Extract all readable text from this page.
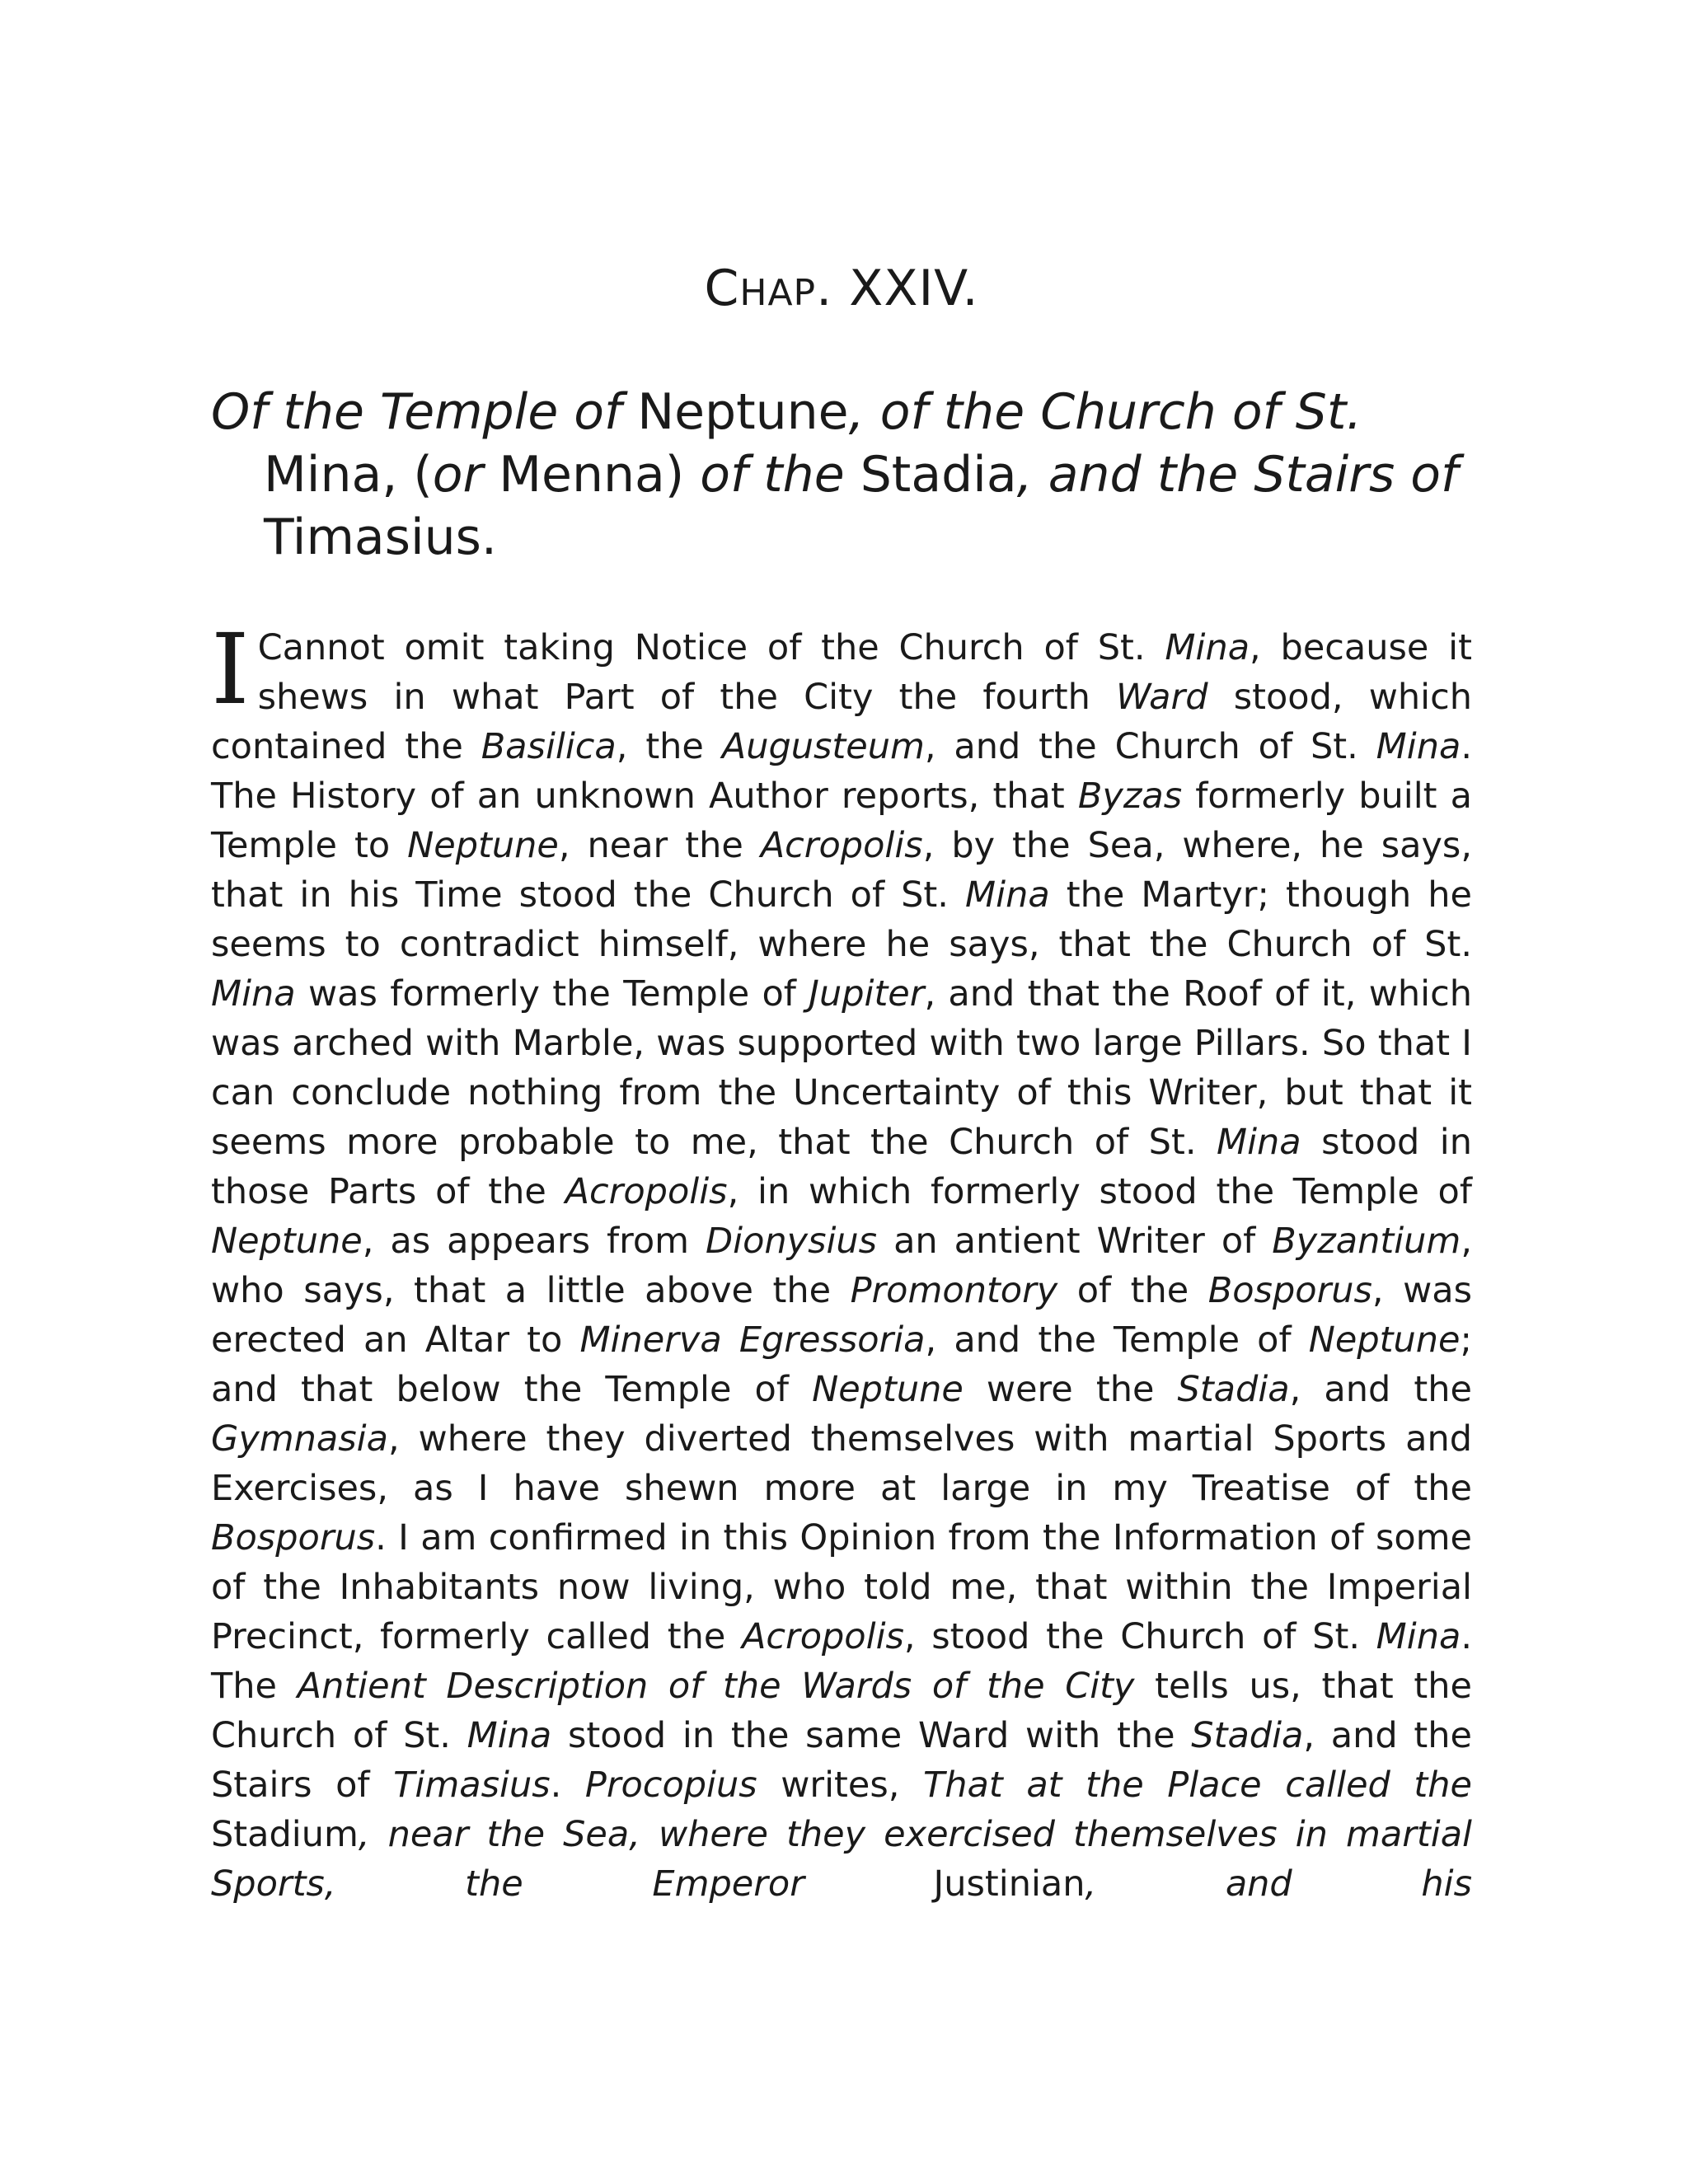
CHAP. XXIV.
Of the Temple of Neptune, of the Church of St. Mina, (or Menna) of the Stadia, and the Stairs of
Timasius.

I Cannot omit taking Notice of the Church of St. Mina, because it shews in what Part of the City the fourth Ward stood, which contained the Basilica, the Augusteum, and the Church of St. Mina. The History of an unknown Author reports, that Byzas formerly built a Temple to Neptune, near the Acropolis, by the Sea, where, he says, that in his Time stood the Church of St. Mina the Martyr; though he seems to contradict himself, where he says, that the Church of St. Mina was formerly the Temple of Jupiter, and that the Roof of it, which was arched with Marble, was supported with two large Pillars. So that I can conclude nothing from the Uncertainty of this Writer, but that it seems more probable to me, that the Church of St. Mina stood in those Parts of the Acropolis, in which formerly stood the Temple of Neptune, as appears from Dionysius an antient Writer of Byzantium, who says, that a little above the Promontory of the Bosporus, was erected an Altar to Minerva Egressoria, and the Temple of Neptune; and that below the Temple of Neptune were the Stadia, and the Gymnasia, where they diverted themselves with martial Sports and Exercises, as I have shewn more at large in my Treatise of the Bosporus. I am confirmed in this Opinion from the Information of some of the Inhabitants now living, who told me, that within the Imperial Precinct, formerly called the Acropolis, stood the Church of St. Mina. The Antient Description of the Wards of the City tells us, that the Church of St. Mina stood in the same Ward with the Stadia, and the Stairs of Timasius. Procopius writes, That at the Place called the Stadium, near the Sea, where they exercised themselves in martial Sports, the Emperor Justinian, and his
